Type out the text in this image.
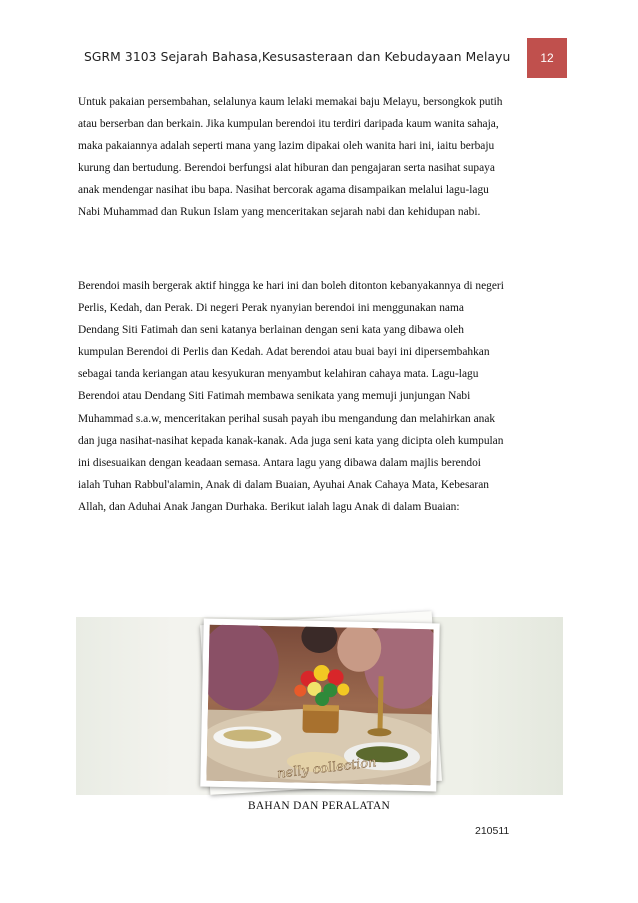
SGRM 3103 Sejarah Bahasa,Kesusasteraan dan Kebudayaan Melayu	12
Untuk pakaian persembahan, selalunya kaum lelaki memakai baju Melayu, bersongkok putih
atau berserban dan berkain. Jika kumpulan berendoi itu terdiri daripada kaum wanita sahaja,
maka pakaiannya adalah seperti mana yang lazim dipakai oleh wanita hari ini, iaitu berbaju
kurung dan bertudung. Berendoi berfungsi alat hiburan dan pengajaran serta nasihat supaya
anak mendengar nasihat ibu bapa. Nasihat bercorak agama disampaikan melalui lagu-lagu
Nabi Muhammad dan Rukun Islam yang menceritakan sejarah nabi dan kehidupan nabi.
Berendoi masih bergerak aktif hingga ke hari ini dan boleh ditonton kebanyakannya di negeri
Perlis, Kedah, dan Perak. Di negeri Perak nyanyian berendoi ini menggunakan nama
Dendang Siti Fatimah dan seni katanya berlainan dengan seni kata yang dibawa oleh
kumpulan Berendoi di Perlis dan Kedah. Adat berendoi atau buai bayi ini dipersembahkan
sebagai tanda keriangan atau kesyukuran menyambut kelahiran cahaya mata. Lagu-lagu
Berendoi atau Dendang Siti Fatimah membawa senikata yang memuji junjungan Nabi
Muhammad s.a.w, menceritakan perihal susah payah ibu mengandung dan melahirkan anak
dan juga nasihat-nasihat kepada kanak-kanak. Ada juga seni kata yang dicipta oleh kumpulan
ini disesuaikan dengan keadaan semasa. Antara lagu yang dibawa dalam majlis berendoi
ialah Tuhan Rabbul'alamin, Anak di dalam Buaian, Ayuhai Anak Cahaya Mata, Kebesaran
Allah, dan Aduhai Anak Jangan Durhaka. Berikut ialah lagu Anak di dalam Buaian:
nelly collection
BAHAN DAN PERALATAN
210511
